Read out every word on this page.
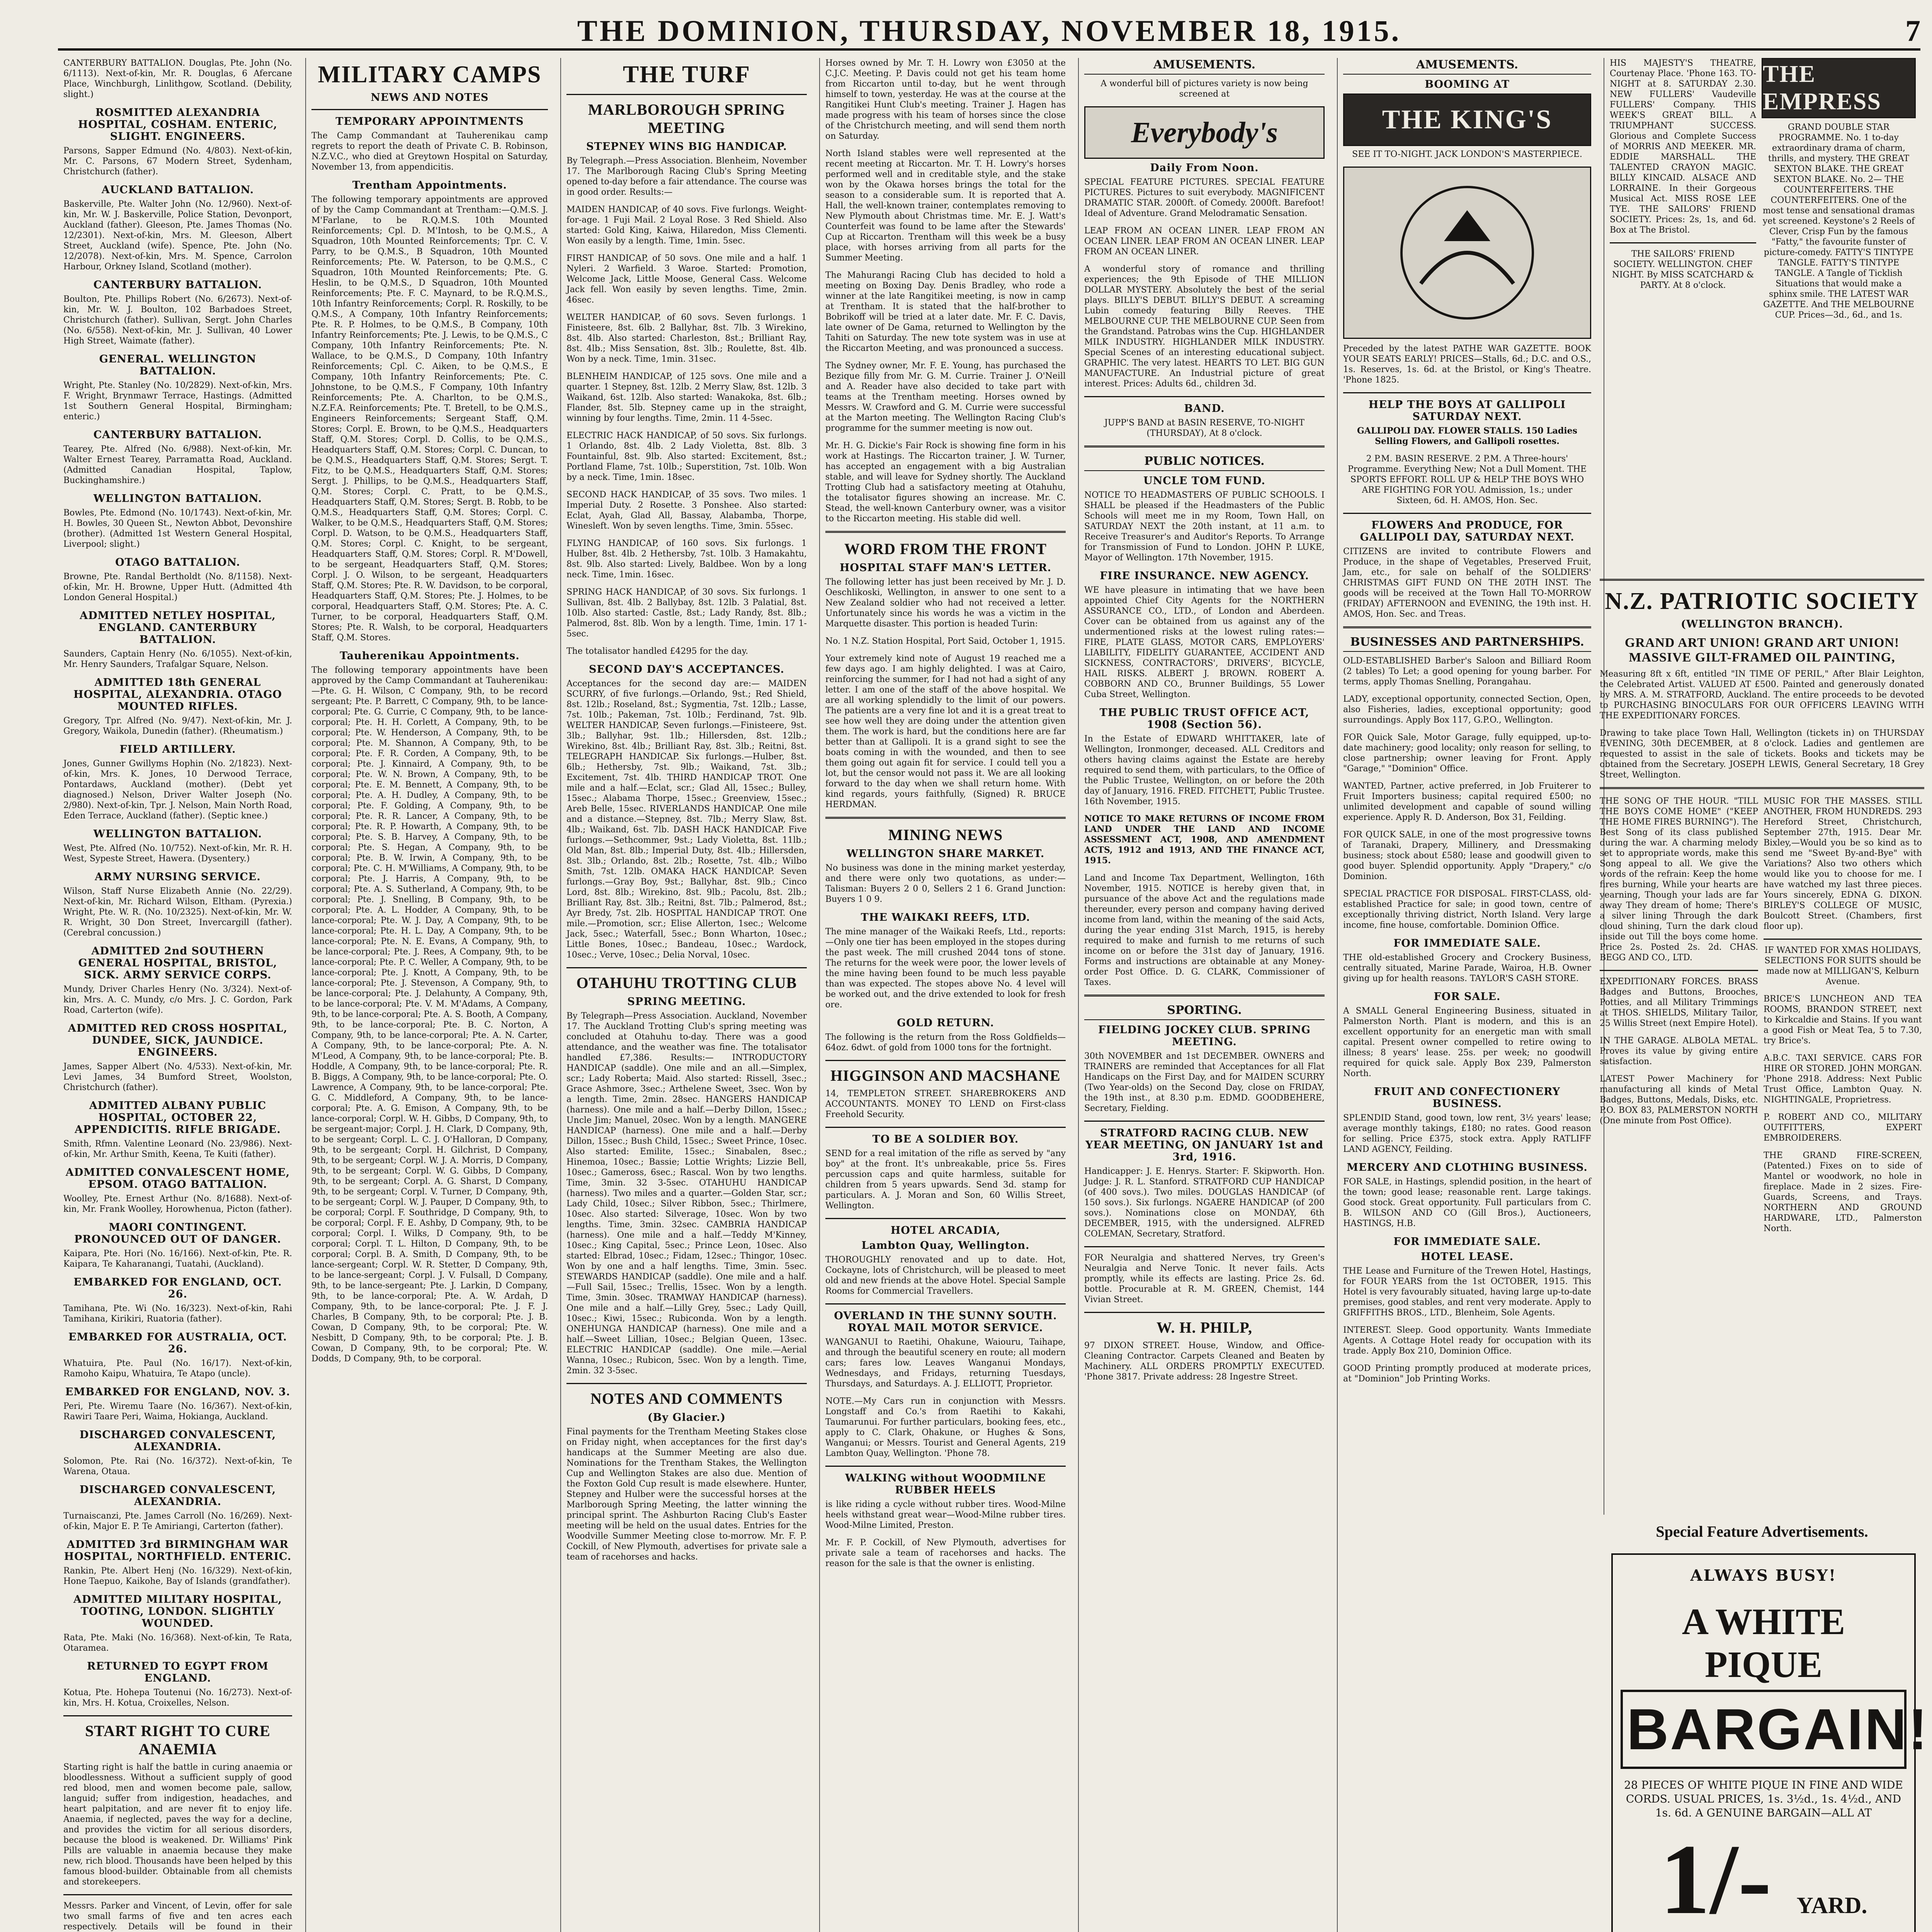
THE DOMINION, THURSDAY, NOVEMBER 18, 1915.	7

CANTERBURY BATTALION. Douglas, Pte. John (No. 6/1113). Next-of-kin, Mr. R. Douglas, 6 Afercane Place, Winchburgh, Linlithgow, Scotland. (Debility, slight.)

ROSMITTED ALEXANDRIA HOSPITAL, COSHAM. ENTERIC, SLIGHT. ENGINEERS.

Parsons, Sapper Edmund (No. 4/803). Next-of-kin, Mr. C. Parsons, 67 Modern Street, Sydenham, Christchurch (father).

AUCKLAND BATTALION.

Baskerville, Pte. Walter John (No. 12/960). Next-of-kin, Mr. W. J. Baskerville, Police Station, Devonport, Auckland (father). Gleeson, Pte. James Thomas (No. 12/2301). Next-of-kin, Mrs. M. Gleeson, Albert Street, Auckland (wife). Spence, Pte. John (No. 12/2078). Next-of-kin, Mrs. M. Spence, Carrolon Harbour, Orkney Island, Scotland (mother).

CANTERBURY BATTALION.

Boulton, Pte. Phillips Robert (No. 6/2673). Next-of-kin, Mr. W. J. Boulton, 102 Barbadoes Street, Christchurch (father). Sullivan, Sergt. John Charles (No. 6/558). Next-of-kin, Mr. J. Sullivan, 40 Lower High Street, Waimate (father).

GENERAL. WELLINGTON BATTALION.

Wright, Pte. Stanley (No. 10/2829). Next-of-kin, Mrs. F. Wright, Brynmawr Terrace, Hastings. (Admitted 1st Southern General Hospital, Birmingham; enteric.)

CANTERBURY BATTALION.

Tearey, Pte. Alfred (No. 6/988). Next-of-kin, Mr. Walter Ernest Tearey, Parramatta Road, Auckland. (Admitted Canadian Hospital, Taplow, Buckinghamshire.)

WELLINGTON BATTALION.

Bowles, Pte. Edmond (No. 10/1743). Next-of-kin, Mr. H. Bowles, 30 Queen St., Newton Abbot, Devonshire (brother). (Admitted 1st Western General Hospital, Liverpool; slight.)

OTAGO BATTALION.

Browne, Pte. Randal Bertholdt (No. 8/1158). Next-of-kin, Mr. H. Browne, Upper Hutt. (Admitted 4th London General Hospital.)

ADMITTED NETLEY HOSPITAL, ENGLAND. CANTERBURY BATTALION.

Saunders, Captain Henry (No. 6/1055). Next-of-kin, Mr. Henry Saunders, Trafalgar Square, Nelson.

ADMITTED 18th GENERAL HOSPITAL, ALEXANDRIA. OTAGO MOUNTED RIFLES.

Gregory, Tpr. Alfred (No. 9/47). Next-of-kin, Mr. J. Gregory, Waikola, Dunedin (father). (Rheumatism.)

FIELD ARTILLERY.

Jones, Gunner Gwillyms Hophin (No. 2/1823). Next-of-kin, Mrs. K. Jones, 10 Derwood Terrace, Pontardaws, Auckland (mother). (Debt yet diagnosed.) Nelson, Driver Walter Joseph (No. 2/980). Next-of-kin, Tpr. J. Nelson, Main North Road, Eden Terrace, Auckland (father). (Septic knee.)

WELLINGTON BATTALION.

West, Pte. Alfred (No. 10/752). Next-of-kin, Mr. R. H. West, Sypeste Street, Hawera. (Dysentery.)

ARMY NURSING SERVICE.

Wilson, Staff Nurse Elizabeth Annie (No. 22/29). Next-of-kin, Mr. Richard Wilson, Eltham. (Pyrexia.) Wright, Pte. W. R. (No. 10/2325). Next-of-kin, Mr. W. R. Wright, 30 Don Street, Invercargill (father). (Cerebral concussion.)

ADMITTED 2nd SOUTHERN GENERAL HOSPITAL, BRISTOL, SICK. ARMY SERVICE CORPS.

Mundy, Driver Charles Henry (No. 3/324). Next-of-kin, Mrs. A. C. Mundy, c/o Mrs. J. C. Gordon, Park Road, Carterton (wife).

ADMITTED RED CROSS HOSPITAL, DUNDEE, SICK, JAUNDICE. ENGINEERS.

James, Sapper Albert (No. 4/533). Next-of-kin, Mr. Levi James, 34 Bumford Street, Woolston, Christchurch (father).

ADMITTED ALBANY PUBLIC HOSPITAL, OCTOBER 22, APPENDICITIS. RIFLE BRIGADE.

Smith, Rfmn. Valentine Leonard (No. 23/986). Next-of-kin, Mr. Arthur Smith, Keena, Te Kuiti (father).

ADMITTED CONVALESCENT HOME, EPSOM. OTAGO BATTALION.

Woolley, Pte. Ernest Arthur (No. 8/1688). Next-of-kin, Mr. Frank Woolley, Horowhenua, Picton (father).

MAORI CONTINGENT. PRONOUNCED OUT OF DANGER.

Kaipara, Pte. Hori (No. 16/166). Next-of-kin, Pte. R. Kaipara, Te Kaharanangi, Tuatahi, (Auckland).

EMBARKED FOR ENGLAND, OCT. 26.

Tamihana, Pte. Wi (No. 16/323). Next-of-kin, Rahi Tamihana, Kirikiri, Ruatoria (father).

EMBARKED FOR AUSTRALIA, OCT. 26.

Whatuira, Pte. Paul (No. 16/17). Next-of-kin, Ramoho Kaipu, Whatuira, Te Atapo (uncle).

EMBARKED FOR ENGLAND, NOV. 3.

Peri, Pte. Wiremu Taare (No. 16/367). Next-of-kin, Rawiri Taare Peri, Waima, Hokianga, Auckland.

DISCHARGED CONVALESCENT, ALEXANDRIA.

Solomon, Pte. Rai (No. 16/372). Next-of-kin, Te Warena, Otaua.

DISCHARGED CONVALESCENT, ALEXANDRIA.

Turnaiscanzi, Pte. James Carroll (No. 16/269). Next-of-kin, Major E. P. Te Amiriangi, Carterton (father).

ADMITTED 3rd BIRMINGHAM WAR HOSPITAL, NORTHFIELD. ENTERIC.

Rankin, Pte. Albert Henj (No. 16/329). Next-of-kin, Hone Taepuo, Kaikohe, Bay of Islands (grandfather).

ADMITTED MILITARY HOSPITAL, TOOTING, LONDON. SLIGHTLY WOUNDED.

Rata, Pte. Maki (No. 16/368). Next-of-kin, Te Rata, Otaramea.

RETURNED TO EGYPT FROM ENGLAND.

Kotua, Pte. Hohepa Toutenui (No. 16/273). Next-of-kin, Mrs. H. Kotua, Croixelles, Nelson.

START RIGHT TO CURE ANAEMIA

Starting right is half the battle in curing anaemia or bloodlessness. Without a sufficient supply of good red blood, men and women become pale, sallow, languid; suffer from indigestion, headaches, and heart palpitation, and are never fit to enjoy life. Anaemia, if neglected, paves the way for a decline, and provides the victim for all serious disorders, because the blood is weakened. Dr. Williams' Pink Pills are valuable in anaemia because they make new, rich blood. Thousands have been helped by this famous blood-builder. Obtainable from all chemists and storekeepers.

Messrs. Parker and Vincent, of Levin, offer for sale two small farms of five and ten acres each respectively. Details will be found in their

MILITARY CAMPS
NEWS AND NOTES
TEMPORARY APPOINTMENTS

The Camp Commandant at Tauherenikau camp regrets to report the death of Private C. B. Robinson, N.Z.V.C., who died at Greytown Hospital on Saturday, November 13, from appendicitis.

Trentham Appointments.

The following temporary appointments are approved of by the Camp Commandant at Trentham:—Q.M.S. J. M'Farlane, to be R.Q.M.S. 10th Mounted Reinforcements; Cpl. D. M'Intosh, to be Q.M.S., A Squadron, 10th Mounted Reinforcements; Tpr. C. V. Parry, to be Q.M.S., B Squadron, 10th Mounted Reinforcements; Pte. W. Paterson, to be Q.M.S., C Squadron, 10th Mounted Reinforcements; Pte. G. Heslin, to be Q.M.S., D Squadron, 10th Mounted Reinforcements; Pte. F. C. Maynard, to be R.Q.M.S., 10th Infantry Reinforcements; Corpl. R. Roskilly, to be Q.M.S., A Company, 10th Infantry Reinforcements; Pte. R. P. Holmes, to be Q.M.S., B Company, 10th Infantry Reinforcements; Pte. J. Lewis, to be Q.M.S., C Company, 10th Infantry Reinforcements; Pte. N. Wallace, to be Q.M.S., D Company, 10th Infantry Reinforcements; Cpl. C. Aiken, to be Q.M.S., E Company, 10th Infantry Reinforcements; Pte. C. Johnstone, to be Q.M.S., F Company, 10th Infantry Reinforcements; Pte. A. Charlton, to be Q.M.S., N.Z.F.A. Reinforcements; Pte. T. Bretell, to be Q.M.S., Engineers Reinforcements; Sergeant Staff, Q.M. Stores; Corpl. E. Brown, to be Q.M.S., Headquarters Staff, Q.M. Stores; Corpl. D. Collis, to be Q.M.S., Headquarters Staff, Q.M. Stores; Corpl. C. Duncan, to be Q.M.S., Headquarters Staff, Q.M. Stores; Sergt. T. Fitz, to be Q.M.S., Headquarters Staff, Q.M. Stores; Sergt. J. Phillips, to be Q.M.S., Headquarters Staff, Q.M. Stores; Corpl. C. Pratt, to be Q.M.S., Headquarters Staff, Q.M. Stores; Sergt. B. Robb, to be Q.M.S., Headquarters Staff, Q.M. Stores; Corpl. C. Walker, to be Q.M.S., Headquarters Staff, Q.M. Stores; Corpl. D. Watson, to be Q.M.S., Headquarters Staff, Q.M. Stores; Corpl. C. Knight, to be sergeant, Headquarters Staff, Q.M. Stores; Corpl. R. M'Dowell, to be sergeant, Headquarters Staff, Q.M. Stores; Corpl. J. O. Wilson, to be sergeant, Headquarters Staff, Q.M. Stores; Pte. R. W. Davidson, to be corporal, Headquarters Staff, Q.M. Stores; Pte. J. Holmes, to be corporal, Headquarters Staff, Q.M. Stores; Pte. A. C. Turner, to be corporal, Headquarters Staff, Q.M. Stores; Pte. R. Walsh, to be corporal, Headquarters Staff, Q.M. Stores.

Tauherenikau Appointments.

The following temporary appointments have been approved by the Camp Commandant at Tauherenikau:—Pte. G. H. Wilson, C Company, 9th, to be record sergeant; Pte. P. Barrett, C Company, 9th, to be lance-corporal; Pte. G. Currie, C Company, 9th, to be lance-corporal; Pte. H. H. Corlett, A Company, 9th, to be corporal; Pte. W. Henderson, A Company, 9th, to be corporal; Pte. M. Shannon, A Company, 9th, to be corporal; Pte. F. R. Corden, A Company, 9th, to be corporal; Pte. J. Kinnaird, A Company, 9th, to be corporal; Pte. W. N. Brown, A Company, 9th, to be corporal; Pte. E. M. Bennett, A Company, 9th, to be corporal; Pte. A. H. Dudley, A Company, 9th, to be corporal; Pte. F. Golding, A Company, 9th, to be corporal; Pte. R. R. Lancer, A Company, 9th, to be corporal; Pte. R. P. Howarth, A Company, 9th, to be corporal; Pte. S. B. Harvey, A Company, 9th, to be corporal; Pte. S. Hegan, A Company, 9th, to be corporal; Pte. B. W. Irwin, A Company, 9th, to be corporal; Pte. C. H. M'Williams, A Company, 9th, to be corporal; Pte. J. Harris, A Company, 9th, to be corporal; Pte. A. S. Sutherland, A Company, 9th, to be corporal; Pte. J. Snelling, B Company, 9th, to be corporal; Pte. A. L. Hodder, A Company, 9th, to be lance-corporal; Pte. W. J. Day, A Company, 9th, to be lance-corporal; Pte. H. L. Day, A Company, 9th, to be lance-corporal; Pte. N. E. Evans, A Company, 9th, to be lance-corporal; Pte. J. Rees, A Company, 9th, to be lance-corporal; Pte. P. C. Weller, A Company, 9th, to be lance-corporal; Pte. J. Knott, A Company, 9th, to be lance-corporal; Pte. J. Stevenson, A Company, 9th, to be lance-corporal; Pte. J. Delahunty, A Company, 9th, to be lance-corporal; Pte. V. M. M'Adams, A Company, 9th, to be lance-corporal; Pte. A. S. Booth, A Company, 9th, to be lance-corporal; Pte. B. C. Norton, A Company, 9th, to be lance-corporal; Pte. A. N. Carter, A Company, 9th, to be lance-corporal; Pte. A. N. M'Leod, A Company, 9th, to be lance-corporal; Pte. B. Hoddle, A Company, 9th, to be lance-corporal; Pte. R. B. Biggs, A Company, 9th, to be lance-corporal; Pte. O. Lawrence, A Company, 9th, to be lance-corporal; Pte. G. C. Middleford, A Company, 9th, to be lance-corporal; Pte. A. G. Emison, A Company, 9th, to be lance-corporal; Corpl. W. H. Gibbs, D Company, 9th, to be sergeant-major; Corpl. J. H. Clark, D Company, 9th, to be sergeant; Corpl. L. C. J. O'Halloran, D Company, 9th, to be sergeant; Corpl. H. Gilchrist, D Company, 9th, to be sergeant; Corpl. W. J. A. Morris, D Company, 9th, to be sergeant; Corpl. W. G. Gibbs, D Company, 9th, to be sergeant; Corpl. A. G. Sharst, D Company, 9th, to be sergeant; Corpl. V. Turner, D Company, 9th, to be sergeant; Corpl. W. J. Pauper, D Company, 9th, to be corporal; Corpl. F. Southridge, D Company, 9th, to be corporal; Corpl. F. E. Ashby, D Company, 9th, to be corporal; Corpl. I. Wilks, D Company, 9th, to be corporal; Corpl. T. L. Hilton, D Company, 9th, to be corporal; Corpl. B. A. Smith, D Company, 9th, to be lance-sergeant; Corpl. W. R. Stetter, D Company, 9th, to be lance-sergeant; Corpl. J. V. Fulsall, D Company, 9th, to be lance-sergeant; Pte. J. Larkin, D Company, 9th, to be lance-corporal; Pte. A. W. Ardah, D Company, 9th, to be lance-corporal; Pte. J. F. J. Charles, B Company, 9th, to be corporal; Pte. J. B. Cowan, D Company, 9th, to be corporal; Pte. W. Nesbitt, D Company, 9th, to be corporal; Pte. J. B. Cowan, D Company, 9th, to be corporal; Pte. W. Dodds, D Company, 9th, to be corporal.

THE TURF
MARLBOROUGH SPRING MEETING
STEPNEY WINS BIG HANDICAP.

By Telegraph.—Press Association. Blenheim, November 17. The Marlborough Racing Club's Spring Meeting opened to-day before a fair attendance. The course was in good order. Results:—

MAIDEN HANDICAP, of 40 sovs. Five furlongs. Weight-for-age. 1 Fuji Mail. 2 Loyal Rose. 3 Red Shield. Also started: Gold King, Kaiwa, Hilaredon, Miss Clementi. Won easily by a length. Time, 1min. 5sec.

FIRST HANDICAP, of 50 sovs. One mile and a half. 1 Nyleri. 2 Warfield. 3 Waroe. Started: Promotion, Welcome Jack, Little Moose, General Cass. Welcome Jack fell. Won easily by seven lengths. Time, 2min. 46sec.

WELTER HANDICAP, of 60 sovs. Seven furlongs. 1 Finisteere, 8st. 6lb. 2 Ballyhar, 8st. 7lb. 3 Wirekino, 8st. 4lb. Also started: Charleston, 8st.; Brilliant Ray, 8st. 4lb.; Miss Sensation, 8st. 3lb.; Roulette, 8st. 4lb. Won by a neck. Time, 1min. 31sec.

BLENHEIM HANDICAP, of 125 sovs. One mile and a quarter. 1 Stepney, 8st. 12lb. 2 Merry Slaw, 8st. 12lb. 3 Waikand, 6st. 12lb. Also started: Wanakoka, 8st. 6lb.; Flander, 8st. 5lb. Stepney came up in the straight, winning by four lengths. Time, 2min. 11 4-5sec.

ELECTRIC HACK HANDICAP, of 50 sovs. Six furlongs. 1 Orlando, 8st. 4lb. 2 Lady Violetta, 8st. 8lb. 3 Fountainful, 8st. 9lb. Also started: Excitement, 8st.; Portland Flame, 7st. 10lb.; Superstition, 7st. 10lb. Won by a neck. Time, 1min. 18sec.

SECOND HACK HANDICAP, of 35 sovs. Two miles. 1 Imperial Duty. 2 Rosette. 3 Ponshee. Also started: Eclat, Ayah, Glad All, Bassay, Alabamba, Thorpe, Winesleft. Won by seven lengths. Time, 3min. 55sec.

FLYING HANDICAP, of 160 sovs. Six furlongs. 1 Hulber, 8st. 4lb. 2 Hethersby, 7st. 10lb. 3 Hamakahtu, 8st. 9lb. Also started: Lively, Baldbee. Won by a long neck. Time, 1min. 16sec.

SPRING HACK HANDICAP, of 30 sovs. Six furlongs. 1 Sullivan, 8st. 4lb. 2 Ballybay, 8st. 12lb. 3 Palatial, 8st. 10lb. Also started: Castle, 8st.; Lady Randy, 8st. 8lb.; Palmerod, 8st. 8lb. Won by a length. Time, 1min. 17 1-5sec.

The totalisator handled £4295 for the day.

SECOND DAY'S ACCEPTANCES.

Acceptances for the second day are:— MAIDEN SCURRY, of five furlongs.—Orlando, 9st.; Red Shield, 8st. 12lb.; Roseland, 8st.; Sygmentia, 7st. 12lb.; Lasse, 7st. 10lb.; Pakeman, 7st. 10lb.; Ferdinand, 7st. 9lb. WELTER HANDICAP, Seven furlongs.—Finisteere, 9st. 3lb.; Ballyhar, 9st. 1lb.; Hillersden, 8st. 12lb.; Wirekino, 8st. 4lb.; Brilliant Ray, 8st. 3lb.; Reitni, 8st. TELEGRAPH HANDICAP. Six furlongs.—Hulber, 8st. 6lb.; Hethersby, 7st. 9lb.; Waikand, 7st. 3lb.; Excitement, 7st. 4lb. THIRD HANDICAP TROT. One mile and a half.—Eclat, scr.; Glad All, 15sec.; Bulley, 15sec.; Alabama Thorpe, 15sec.; Greenview, 15sec.; Areb Belle, 15sec. RIVERLANDS HANDICAP. One mile and a distance.—Stepney, 8st. 7lb.; Merry Slaw, 8st. 4lb.; Waikand, 6st. 7lb. DASH HACK HANDICAP. Five furlongs.—Sethcommer, 9st.; Lady Violetta, 8st. 11lb.; Old Man, 8st. 8lb.; Imperial Duty, 8st. 4lb.; Hillersden, 8st. 3lb.; Orlando, 8st. 2lb.; Rosette, 7st. 4lb.; Wilbo Smith, 7st. 12lb. OMAKA HACK HANDICAP. Seven furlongs.—Gray Boy, 9st.; Ballyhar, 8st. 9lb.; Cinco Lord, 8st. 8lb.; Wirekino, 8st. 9lb.; Pacolu, 8st. 2lb.; Brilliant Ray, 8st. 3lb.; Reitni, 8st. 7lb.; Palmerod, 8st.; Ayr Bredy, 7st. 2lb. HOSPITAL HANDICAP TROT. One mile.—Promotion, scr.; Elise Allerton, 1sec.; Welcome Jack, 5sec.; Waterfall, 5sec.; Bonn Wharton, 10sec.; Little Bones, 10sec.; Bandeau, 10sec.; Wardock, 10sec.; Verve, 10sec.; Delia Norval, 10sec.

OTAHUHU TROTTING CLUB
SPRING MEETING.

By Telegraph—Press Association. Auckland, November 17. The Auckland Trotting Club's spring meeting was concluded at Otahuhu to-day. There was a good attendance, and the weather was fine. The totalisator handled £7,386. Results:— INTRODUCTORY HANDICAP (saddle). One mile and an all.—Simplex, scr.; Lady Roberta; Maid. Also started: Rissell, 3sec.; Grace Ashmore, 3sec.; Arthelene Sweet, 3sec. Won by a length. Time, 2min. 28sec. HANGERS HANDICAP (harness). One mile and a half.—Derby Dillon, 15sec.; Uncle Jim; Manuel, 20sec. Won by a length. MANGERE HANDICAP (harness). One mile and a half.—Derby Dillon, 15sec.; Bush Child, 15sec.; Sweet Prince, 10sec. Also started: Emilite, 15sec.; Sinabalen, 8sec.; Hinemoa, 10sec.; Bassie; Lottie Wrights; Lizzie Bell, 10sec.; Gameross, 6sec.; Rascal. Won by two lengths. Time, 3min. 32 3-5sec. OTAHUHU HANDICAP (harness). Two miles and a quarter.—Golden Star, scr.; Lady Child, 10sec.; Silver Ribbon, 5sec.; Thirlmere, 10sec. Also started: Silverage, 10sec. Won by two lengths. Time, 3min. 32sec. CAMBRIA HANDICAP (harness). One mile and a half.—Teddy M'Kinney, 10sec.; King Capital, 5sec.; Prince Leon, 10sec. Also started: Elbrad, 10sec.; Fidam, 12sec.; Thingor, 10sec. Won by one and a half lengths. Time, 3min. 5sec. STEWARDS HANDICAP (saddle). One mile and a half.—Full Sail, 15sec.; Trellis, 15sec. Won by a length. Time, 3min. 30sec. TRAMWAY HANDICAP (harness). One mile and a half.—Lilly Grey, 5sec.; Lady Quill, 10sec.; Kiwi, 15sec.; Rubiconda. Won by a length. ONEHUNGA HANDICAP (harness). One mile and a half.—Sweet Lillian, 10sec.; Belgian Queen, 13sec. ELECTRIC HANDICAP (saddle). One mile.—Aerial Wanna, 10sec.; Rubicon, 5sec. Won by a length. Time, 2min. 32 3-5sec.

NOTES AND COMMENTS
(By Glacier.)

Final payments for the Trentham Meeting Stakes close on Friday night, when acceptances for the first day's handicaps at the Summer Meeting are also due. Nominations for the Trentham Stakes, the Wellington Cup and Wellington Stakes are also due. Mention of the Foxton Gold Cup result is made elsewhere. Hunter, Stepney and Hulber were the successful horses at the Marlborough Spring Meeting, the latter winning the principal sprint. The Ashburton Racing Club's Easter meeting will be held on the usual dates. Entries for the Woodville Summer Meeting close to-morrow. Mr. F. P. Cockill, of New Plymouth, advertises for private sale a team of racehorses and hacks.

Horses owned by Mr. T. H. Lowry won £3050 at the C.J.C. Meeting. P. Davis could not get his team home from Riccarton until to-day, but he went through himself to town, yesterday. He was at the course at the Rangitikei Hunt Club's meeting. Trainer J. Hagen has made progress with his team of horses since the close of the Christchurch meeting, and will send them north on Saturday.

North Island stables were well represented at the recent meeting at Riccarton. Mr. T. H. Lowry's horses performed well and in creditable style, and the stake won by the Okawa horses brings the total for the season to a considerable sum. It is reported that A. Hall, the well-known trainer, contemplates removing to New Plymouth about Christmas time. Mr. E. J. Watt's Counterfeit was found to be lame after the Stewards' Cup at Riccarton. Trentham will this week be a busy place, with horses arriving from all parts for the Summer Meeting.

The Mahurangi Racing Club has decided to hold a meeting on Boxing Day. Denis Bradley, who rode a winner at the late Rangitikei meeting, is now in camp at Trentham. It is stated that the half-brother to Bobrikoff will be tried at a later date. Mr. F. C. Davis, late owner of De Gama, returned to Wellington by the Tahiti on Saturday. The new tote system was in use at the Riccarton Meeting, and was pronounced a success.

The Sydney owner, Mr. F. E. Young, has purchased the Bezique filly from Mr. G. M. Currie. Trainer J. O'Neill and A. Reader have also decided to take part with teams at the Trentham meeting. Horses owned by Messrs. W. Crawford and G. M. Currie were successful at the Marton meeting. The Wellington Racing Club's programme for the summer meeting is now out.

Mr. H. G. Dickie's Fair Rock is showing fine form in his work at Hastings. The Riccarton trainer, J. W. Turner, has accepted an engagement with a big Australian stable, and will leave for Sydney shortly. The Auckland Trotting Club had a satisfactory meeting at Otahuhu, the totalisator figures showing an increase. Mr. C. Stead, the well-known Canterbury owner, was a visitor to the Riccarton meeting. His stable did well.

WORD FROM THE FRONT
HOSPITAL STAFF MAN'S LETTER.

The following letter has just been received by Mr. J. D. Oeschlikoski, Wellington, in answer to one sent to a New Zealand soldier who had not received a letter. Unfortunately since his words he was a victim in the Marquette disaster. This portion is headed Turin:

No. 1 N.Z. Station Hospital, Port Said, October 1, 1915.

Your extremely kind note of August 19 reached me a few days ago. I am highly delighted. I was at Cairo, reinforcing the summer, for I had not had a sight of any letter. I am one of the staff of the above hospital. We are all working splendidly to the limit of our powers. The patients are a very fine lot and it is a great treat to see how well they are doing under the attention given them. The work is hard, but the conditions here are far better than at Gallipoli. It is a grand sight to see the boats coming in with the wounded, and then to see them going out again fit for service. I could tell you a lot, but the censor would not pass it. We are all looking forward to the day when we shall return home. With kind regards, yours faithfully, (Signed) R. BRUCE HERDMAN.

MINING NEWS
WELLINGTON SHARE MARKET.

No business was done in the mining market yesterday, and there were only two quotations, as under:— Talisman: Buyers 2 0 0, Sellers 2 1 6. Grand Junction: Buyers 1 0 9.

THE WAIKAKI REEFS, LTD.

The mine manager of the Waikaki Reefs, Ltd., reports:—Only one tier has been employed in the stopes during the past week. The mill crushed 2044 tons of stone. The returns for the week were poor, the lower levels of the mine having been found to be much less payable than was expected. The stopes above No. 4 level will be worked out, and the drive extended to look for fresh ore.

GOLD RETURN.

The following is the return from the Ross Goldfields—64oz. 6dwt. of gold from 1000 tons for the fortnight.

HIGGINSON AND MACSHANE

14, TEMPLETON STREET. SHAREBROKERS AND ACCOUNTANTS. MONEY TO LEND on First-class Freehold Security.

TO BE A SOLDIER BOY.

SEND for a real imitation of the rifle as served by "any boy" at the front. It's unbreakable, price 5s. Fires percussion caps and quite harmless, suitable for children from 5 years upwards. Send 3d. stamp for particulars. A. J. Moran and Son, 60 Willis Street, Wellington.

HOTEL ARCADIA,
Lambton Quay, Wellington.

THOROUGHLY renovated and up to date. Hot, Cockayne, lots of Christchurch, will be pleased to meet old and new friends at the above Hotel. Special Sample Rooms for Commercial Travellers.

OVERLAND IN THE SUNNY SOUTH. ROYAL MAIL MOTOR SERVICE.

WANGANUI to Raetihi, Ohakune, Waiouru, Taihape, and through the beautiful scenery en route; all modern cars; fares low. Leaves Wanganui Mondays, Wednesdays, and Fridays, returning Tuesdays, Thursdays, and Saturdays. A. J. ELLIOTT, Proprietor.

NOTE.—My Cars run in conjunction with Messrs. Longstaff and Co.'s from Raetihi to Kakahi, Taumarunui. For further particulars, booking fees, etc., apply to C. Clark, Ohakune, or Hughes & Sons, Wanganui; or Messrs. Tourist and General Agents, 219 Lambton Quay, Wellington. 'Phone 78.

WALKING without WOODMILNE RUBBER HEELS

is like riding a cycle without rubber tires. Wood-Milne heels withstand great wear—Wood-Milne rubber tires. Wood-Milne Limited, Preston.

Mr. F. P. Cockill, of New Plymouth, advertises for private sale a team of racehorses and hacks. The reason for the sale is that the owner is enlisting.

AMUSEMENTS.

A wonderful bill of pictures variety is now being screened at

Everybody's
Daily From Noon.

SPECIAL FEATURE PICTURES. SPECIAL FEATURE PICTURES. Pictures to suit everybody. MAGNIFICENT DRAMATIC STAR. 2000ft. of Comedy. 2000ft. Barefoot! Ideal of Adventure. Grand Melodramatic Sensation.

LEAP FROM AN OCEAN LINER. LEAP FROM AN OCEAN LINER. LEAP FROM AN OCEAN LINER. LEAP FROM AN OCEAN LINER.

A wonderful story of romance and thrilling experiences; the 9th Episode of THE MILLION DOLLAR MYSTERY. Absolutely the best of the serial plays. BILLY'S DEBUT. BILLY'S DEBUT. A screaming Lubin comedy featuring Billy Reeves. THE MELBOURNE CUP. THE MELBOURNE CUP. Seen from the Grandstand. Patrobas wins the Cup. HIGHLANDER MILK INDUSTRY. HIGHLANDER MILK INDUSTRY. Special Scenes of an interesting educational subject. GRAPHIC. The very latest. HEARTS TO LET. BIG GUN MANUFACTURE. An Industrial picture of great interest. Prices: Adults 6d., children 3d.

BAND.

JUPP'S BAND at BASIN RESERVE, TO-NIGHT (THURSDAY), At 8 o'clock.

PUBLIC NOTICES.
UNCLE TOM FUND.

NOTICE TO HEADMASTERS OF PUBLIC SCHOOLS. I SHALL be pleased if the Headmasters of the Public Schools will meet me in my Room, Town Hall, on SATURDAY NEXT the 20th instant, at 11 a.m. to Receive Treasurer's and Auditor's Reports. To Arrange for Transmission of Fund to London. JOHN P. LUKE, Mayor of Wellington. 17th November, 1915.

FIRE INSURANCE. NEW AGENCY.

WE have pleasure in intimating that we have been appointed Chief City Agents for the NORTHERN ASSURANCE CO., LTD., of London and Aberdeen. Cover can be obtained from us against any of the undermentioned risks at the lowest ruling rates:— FIRE, PLATE GLASS, MOTOR CARS, EMPLOYERS' LIABILITY, FIDELITY GUARANTEE, ACCIDENT AND SICKNESS, CONTRACTORS', DRIVERS', BICYCLE, HAIL RISKS. ALBERT J. BROWN. ROBERT A. COBBORN AND CO., Brunner Buildings, 55 Lower Cuba Street, Wellington.

THE PUBLIC TRUST OFFICE ACT, 1908 (Section 56).

In the Estate of EDWARD WHITTAKER, late of Wellington, Ironmonger, deceased. ALL Creditors and others having claims against the Estate are hereby required to send them, with particulars, to the Office of the Public Trustee, Wellington, on or before the 20th day of January, 1916. FRED. FITCHETT, Public Trustee. 16th November, 1915.

NOTICE TO MAKE RETURNS OF INCOME FROM LAND UNDER THE LAND AND INCOME ASSESSMENT ACT, 1908, AND AMENDMENT ACTS, 1912 and 1913, AND THE FINANCE ACT, 1915.

Land and Income Tax Department, Wellington, 16th November, 1915. NOTICE is hereby given that, in pursuance of the above Act and the regulations made thereunder, every person and company having derived income from land, within the meaning of the said Acts, during the year ending 31st March, 1915, is hereby required to make and furnish to me returns of such income on or before the 31st day of January, 1916. Forms and instructions are obtainable at any Money-order Post Office. D. G. CLARK, Commissioner of Taxes.

SPORTING.
FIELDING JOCKEY CLUB. SPRING MEETING.

30th NOVEMBER and 1st DECEMBER. OWNERS and TRAINERS are reminded that Acceptances for all Flat Handicaps on the First Day, and for MAIDEN SCURRY (Two Year-olds) on the Second Day, close on FRIDAY, the 19th inst., at 8.30 p.m. EDMD. GOODBEHERE, Secretary, Fielding.

STRATFORD RACING CLUB. NEW YEAR MEETING, ON JANUARY 1st and 3rd, 1916.

Handicapper: J. E. Henrys. Starter: F. Skipworth. Hon. Judge: J. R. L. Stanford. STRATFORD CUP HANDICAP (of 400 sovs.). Two miles. DOUGLAS HANDICAP (of 150 sovs.). Six furlongs. NGAERE HANDICAP (of 200 sovs.). Nominations close on MONDAY, 6th DECEMBER, 1915, with the undersigned. ALFRED COLEMAN, Secretary, Stratford.

FOR Neuralgia and shattered Nerves, try Green's Neuralgia and Nerve Tonic. It never fails. Acts promptly, while its effects are lasting. Price 2s. 6d. bottle. Procurable at R. M. GREEN, Chemist, 144 Vivian Street.

W. H. PHILP,

97 DIXON STREET. House, Window, and Office-Cleaning Contractor. Carpets Cleaned and Beaten by Machinery. ALL ORDERS PROMPTLY EXECUTED. 'Phone 3817. Private address: 28 Ingestre Street.

AMUSEMENTS.
BOOMING AT
THE KING'S

SEE IT TO-NIGHT. JACK LONDON'S MASTERPIECE.

Preceded by the latest PATHE WAR GAZETTE. BOOK YOUR SEATS EARLY! PRICES—Stalls, 6d.; D.C. and O.S., 1s. Reserves, 1s. 6d. at the Bristol, or King's Theatre. 'Phone 1825.

HELP THE BOYS AT GALLIPOLI SATURDAY NEXT.

GALLIPOLI DAY. FLOWER STALLS. 150 Ladies Selling Flowers, and Gallipoli rosettes.

2 P.M. BASIN RESERVE. 2 P.M. A Three-hours' Programme. Everything New; Not a Dull Moment. THE SPORTS EFFORT. ROLL UP & HELP THE BOYS WHO ARE FIGHTING FOR YOU. Admission, 1s.; under Sixteen, 6d. H. AMOS, Hon. Sec.

FLOWERS And PRODUCE, FOR GALLIPOLI DAY, SATURDAY NEXT.

CITIZENS are invited to contribute Flowers and Produce, in the shape of Vegetables, Preserved Fruit, Jam, etc., for sale on behalf of the SOLDIERS' CHRISTMAS GIFT FUND ON THE 20TH INST. The goods will be received at the Town Hall TO-MORROW (FRIDAY) AFTERNOON and EVENING, the 19th inst. H. AMOS, Hon. Sec. and Treas.

BUSINESSES AND PARTNERSHIPS.

OLD-ESTABLISHED Barber's Saloon and Billiard Room (2 tables) To Let; a good opening for young barber. For terms, apply Thomas Snelling, Porangahau.

LADY, exceptional opportunity, connected Section, Open, also Fisheries, ladies, exceptional opportunity; good surroundings. Apply Box 117, G.P.O., Wellington.

FOR Quick Sale, Motor Garage, fully equipped, up-to-date machinery; good locality; only reason for selling, to close partnership; owner leaving for Front. Apply "Garage," "Dominion" Office.

WANTED, Partner, active preferred, in Job Fruiterer to Fruit Importers business; capital required £500; no unlimited development and capable of sound willing experience. Apply R. D. Anderson, Box 31, Feilding.

FOR QUICK SALE, in one of the most progressive towns of Taranaki, Drapery, Millinery, and Dressmaking business; stock about £580; lease and goodwill given to good buyer. Splendid opportunity. Apply "Drapery," c/o Dominion.

SPECIAL PRACTICE FOR DISPOSAL. FIRST-CLASS, old-established Practice for sale; in good town, centre of exceptionally thriving district, North Island. Very large income, fine house, comfortable. Dominion Office.

FOR IMMEDIATE SALE.

THE old-established Grocery and Crockery Business, centrally situated, Marine Parade, Wairoa, H.B. Owner giving up for health reasons. TAYLOR'S CASH STORE.

FOR SALE.

A SMALL General Engineering Business, situated in Palmerston North. Plant is modern, and this is an excellent opportunity for an energetic man with small capital. Present owner compelled to retire owing to illness; 8 years' lease. 25s. per week; no goodwill required for quick sale. Apply Box 239, Palmerston North.

FRUIT AND CONFECTIONERY BUSINESS.

SPLENDID Stand, good town, low rent, 3½ years' lease; average monthly takings, £180; no rates. Good reason for selling. Price £375, stock extra. Apply RATLIFF LAND AGENCY, Feilding.

MERCERY AND CLOTHING BUSINESS.

FOR SALE, in Hastings, splendid position, in the heart of the town; good lease; reasonable rent. Large takings. Good stock. Great opportunity. Full particulars from C. B. WILSON AND CO (Gill Bros.), Auctioneers, HASTINGS, H.B.

FOR IMMEDIATE SALE.
HOTEL LEASE.

THE Lease and Furniture of the Trewen Hotel, Hastings, for FOUR YEARS from the 1st OCTOBER, 1915. This Hotel is very favourably situated, having large up-to-date premises, good stables, and rent very moderate. Apply to GRIFFITHS BROS., LTD., Blenheim, Sole Agents.

INTEREST. Sleep. Good opportunity. Wants Immediate Agents. A Cottage Hotel ready for occupation with its trade. Apply Box 210, Dominion Office.

GOOD Printing promptly produced at moderate prices, at "Dominion" Job Printing Works.

HIS MAJESTY'S THEATRE, Courtenay Place. 'Phone 163. TO-NIGHT at 8. SATURDAY 2.30. NEW FULLERS' Vaudeville FULLERS' Company. THIS WEEK'S GREAT BILL. A TRIUMPHANT SUCCESS. Glorious and Complete Success of MORRIS AND MEEKER. MR. EDDIE MARSHALL. THE TALENTED CRAYON MAGIC. BILLY KINCAID. ALSACE AND LORRAINE. In their Gorgeous Musical Act. MISS ROSE LEE TYE. THE SAILORS' FRIEND SOCIETY. Prices: 2s, 1s, and 6d. Box at The Bristol.

THE SAILORS' FRIEND SOCIETY. WELLINGTON. CHEF NIGHT. By MISS SCATCHARD & PARTY. At 8 o'clock.

THE EMPRESS

GRAND DOUBLE STAR PROGRAMME. No. 1 to-day extraordinary drama of charm, thrills, and mystery. THE GREAT SEXTON BLAKE. THE GREAT SEXTON BLAKE. No. 2— THE COUNTERFEITERS. THE COUNTERFEITERS. One of the most tense and sensational dramas yet screened. Keystone's 2 Reels of Clever, Crisp Fun by the famous "Fatty," the favourite funster of picture-comedy. FATTY'S TINTYPE TANGLE. FATTY'S TINTYPE TANGLE. A Tangle of Ticklish Situations that would make a sphinx smile. THE LATEST WAR GAZETTE. And THE MELBOURNE CUP. Prices—3d., 6d., and 1s.

N.Z. PATRIOTIC SOCIETY
(WELLINGTON BRANCH).
GRAND ART UNION! GRAND ART UNION! MASSIVE GILT-FRAMED OIL PAINTING,

Measuring 8ft x 6ft, entitled "IN TIME OF PERIL," After Blair Leighton, the Celebrated Artist. VALUED AT £500. Painted and generously donated by MRS. A. M. STRATFORD, Auckland. The entire proceeds to be devoted to PURCHASING BINOCULARS FOR OUR OFFICERS LEAVING WITH THE EXPEDITIONARY FORCES.

Drawing to take place Town Hall, Wellington (tickets in) on THURSDAY EVENING, 30th DECEMBER, at 8 o'clock. Ladies and gentlemen are requested to assist in the sale of tickets. Books and tickets may be obtained from the Secretary. JOSEPH LEWIS, General Secretary, 18 Grey Street, Wellington.

THE SONG OF THE HOUR. "TILL THE BOYS COME HOME" ("KEEP THE HOME FIRES BURNING"). The Best Song of its class published during the war. A charming melody set to appropriate words, make this Song appeal to all. We give the words of the refrain: Keep the home fires burning, While your hearts are yearning, Though your lads are far away They dream of home; There's a silver lining Through the dark cloud shining, Turn the dark cloud inside out Till the boys come home. Price 2s. Posted 2s. 2d. CHAS. BEGG AND CO., LTD.

EXPEDITIONARY FORCES. BRASS Badges and Buttons, Brooches, Potties, and all Military Trimmings at THOS. SHIELDS, Military Tailor, 25 Willis Street (next Empire Hotel).

IN THE GARAGE. ALBOLA METAL. Proves its value by giving entire satisfaction.

LATEST Power Machinery for manufacturing all kinds of Metal Badges, Buttons, Medals, Disks, etc. P.O. BOX 83, PALMERSTON NORTH (One minute from Post Office).

MUSIC FOR THE MASSES. STILL ANOTHER, FROM HUNDREDS. 293 Hereford Street, Christchurch, September 27th, 1915. Dear Mr. Bixley,—Would you be so kind as to send me "Sweet By-and-Bye" with Variations? Also two others which would like you to choose for me. I have watched my last three pieces. Yours sincerely, EDNA G. DIXON. BIRLEY'S COLLEGE OF MUSIC, Boulcott Street. (Chambers, first floor up).

IF WANTED FOR XMAS HOLIDAYS, SELECTIONS FOR SUITS should be made now at MILLIGAN'S, Kelburn Avenue.

BRICE'S LUNCHEON AND TEA ROOMS, BRANDON STREET, next to Kirkcaldie and Stains. If you want a good Fish or Meat Tea, 5 to 7.30, try Brice's.

A.B.C. TAXI SERVICE. CARS FOR HIRE OR STORED. JOHN MORGAN. 'Phone 2918. Address: Next Public Trust Office, Lambton Quay. N. NIGHTINGALE, Proprietress.

P. ROBERT AND CO., MILITARY OUTFITTERS, EXPERT EMBROIDERERS.

THE GRAND FIRE-SCREEN, (Patented.) Fixes on to side of Mantel or woodwork, no hole in fireplace. Made in 2 sizes. Fire-Guards, Screens, and Trays. NORTHERN AND GROUND HARDWARE, LTD., Palmerston North.

Special Feature Advertisements.
ALWAYS BUSY!
A WHITE PIQUE
BARGAIN!

28 PIECES OF WHITE PIQUE IN FINE AND WIDE CORDS. USUAL PRICES, 1s. 3½d., 1s. 4½d., AND 1s. 6d. A GENUINE BARGAIN—ALL AT

1/- YARD.
